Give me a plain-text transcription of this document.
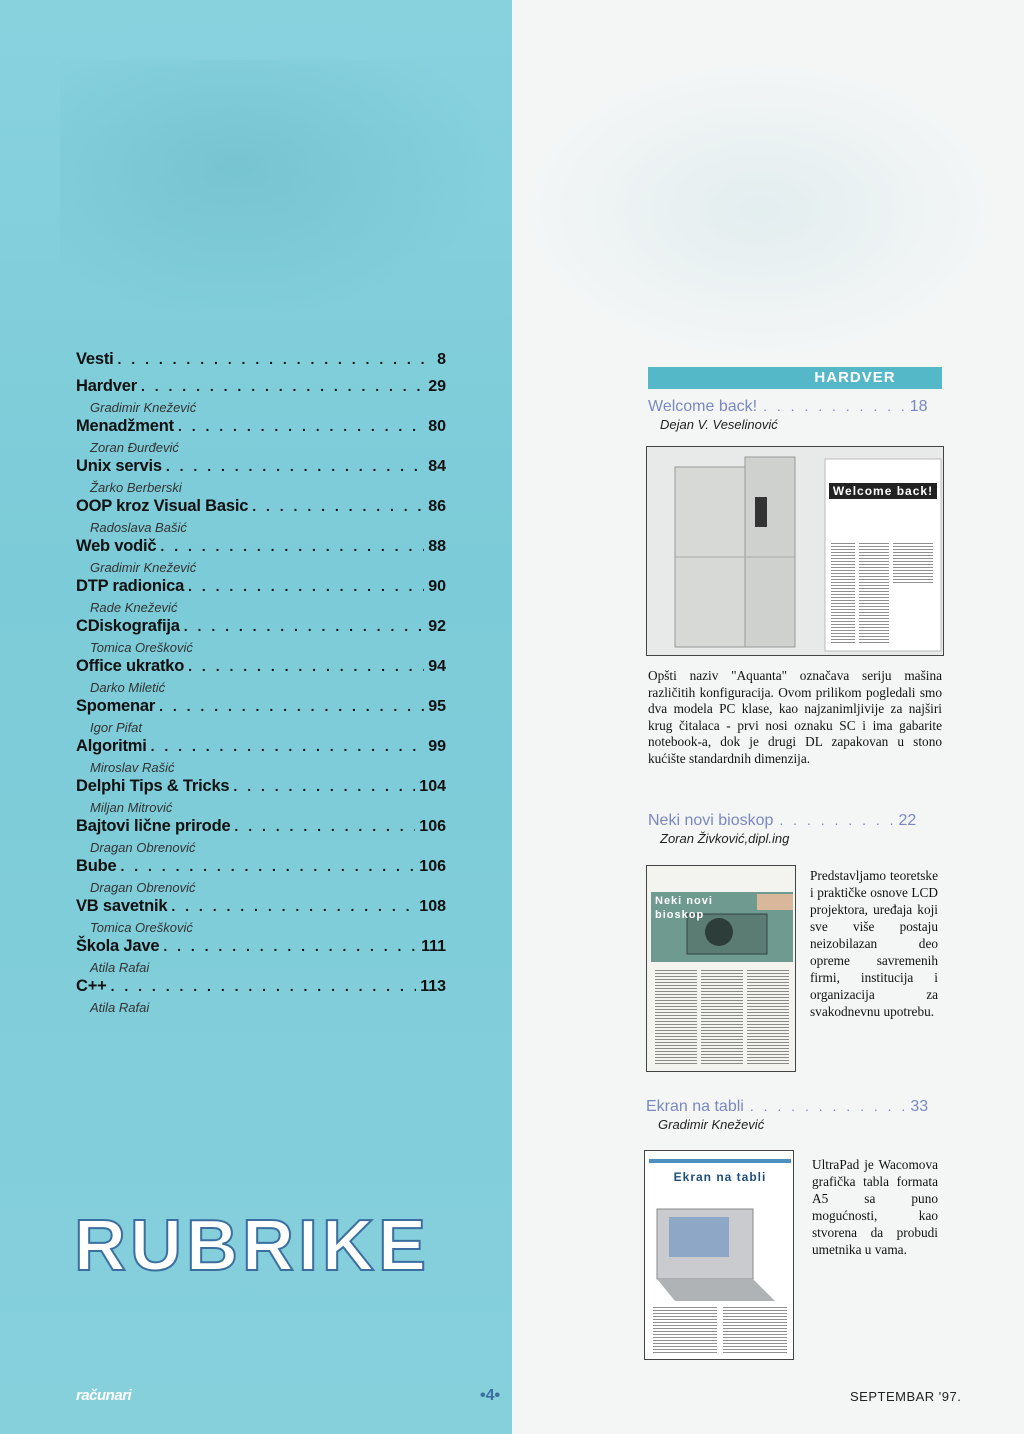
Vesti . . .	8
Hardver . . .	29
Gradimir Knežević
Menadžment . . .	80
Zoran Đurđević
Unix servis . . .	84
Žarko Berberski
OOP kroz Visual Basic . . .	86
Radoslava Bašić
Web vodič . . .	88
Gradimir Knežević
DTP radionica . . .	90
Rade Knežević
CDiskografija . . .	92
Tomica Orešković
Office ukratko . . .	94
Darko Miletić
Spomenar . . .	95
Igor Pifat
Algoritmi . . .	99
Miroslav Rašić
Delphi Tips & Tricks . . .	104
Miljan Mitrović
Bajtovi lične prirode . . .	106
Dragan Obrenović
Bube . . .	106
Dragan Obrenović
VB savetnik . . .	108
Tomica Orešković
Škola Jave . . .	111
Atila Rafai
C++ . . .	113
Atila Rafai
RUBRIKE
računari	•4•	SEPTEMBAR '97.
HARDVER
Welcome back! . . . . . . . . . . . 18
Dejan V. Veselinović
Welcome back!
Opšti naziv "Aquanta" označava seriju mašina različitih konfiguracija. Ovom prilikom pogledali smo dva modela PC klase, kao najzanimljivije za najširi krug čitalaca - prvi nosi oznaku SC i ima gabarite notebook-a, dok je drugi DL zapakovan u stono kućište standardnih dimenzija.
Neki novi bioskop . . . . . . . . . 22
Zoran Živković,dipl.ing
Neki novi bioskop
Predstavljamo teoretske i praktičke osnove LCD projektora, uređaja koji sve više postaju neizobilazan deo opreme savremenih firmi, institucija i organizacija za svakodnevnu upotrebu.
Ekran na tabli . . . . . . . . . . . . 33
Gradimir Knežević
Ekran na tabli
UltraPad je Wacomova grafička tabla formata A5 sa puno mogućnosti, kao stvorena da probudi umetnika u vama.
